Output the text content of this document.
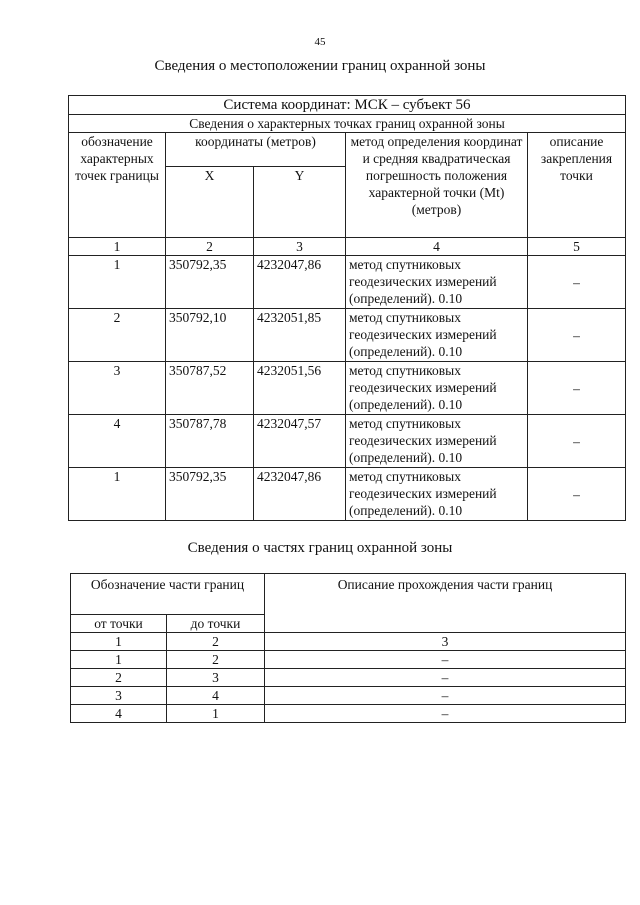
45
Сведения о местоположении границ охранной зоны
Система координат: МСК – субъект 56				
Сведения о характерных точках границ охранной зоны				
обозначение характерных точек границы	координаты (метров)		метод определения координат и средняя квадратическая погрешность положения характерной точки (Mt) (метров)	описание закрепления точки
	X	Y		
1	2	3	4	5
1	350792,35	4232047,86	метод спутниковых геодезических измерений (определений). 0.10	–
2	350792,10	4232051,85	метод спутниковых геодезических измерений (определений). 0.10	–
3	350787,52	4232051,56	метод спутниковых геодезических измерений (определений). 0.10	–
4	350787,78	4232047,57	метод спутниковых геодезических измерений (определений). 0.10	–
1	350792,35	4232047,86	метод спутниковых геодезических измерений (определений). 0.10	–
Сведения о частях границ охранной зоны
Обозначение части границ		Описание прохождения части границ
от точки	до точки	
1	2	3
1	2	–
2	3	–
3	4	–
4	1	–
